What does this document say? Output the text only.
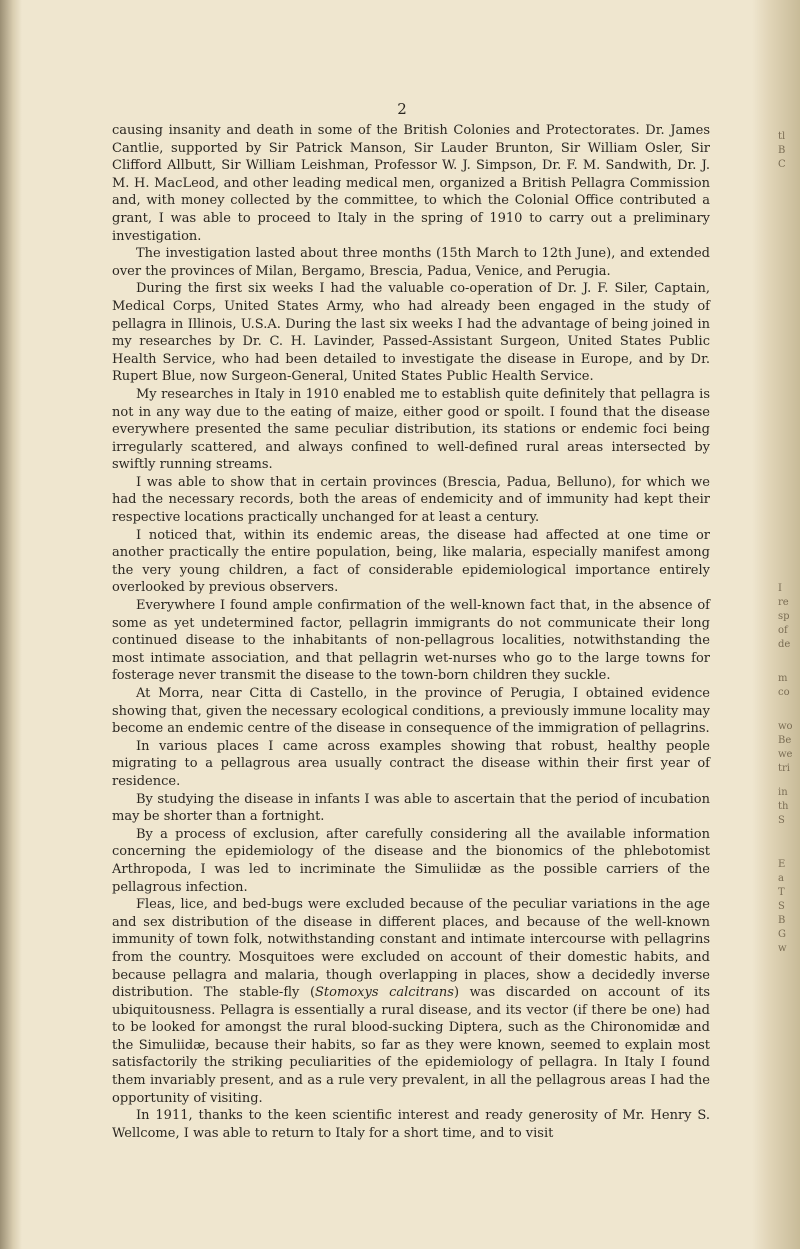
tl
B
C
I
re
sp
of
de
m
co
wo
Be
we
tri
in
th
S
E
a
T
S
B
G
w
2

causing insanity and death in some of the British Colonies and Protectorates. Dr. James Cantlie, supported by Sir Patrick Manson, Sir Lauder Brunton, Sir William Osler, Sir Clifford Allbutt, Sir William Leishman, Professor W. J. Simpson, Dr. F. M. Sandwith, Dr. J. M. H. MacLeod, and other leading medical men, organized a British Pellagra Commission and, with money collected by the committee, to which the Colonial Office contributed a grant, I was able to proceed to Italy in the spring of 1910 to carry out a preliminary investigation.

The investigation lasted about three months (15th March to 12th June), and extended over the provinces of Milan, Bergamo, Brescia, Padua, Venice, and Perugia.

During the first six weeks I had the valuable co-operation of Dr. J. F. Siler, Captain, Medical Corps, United States Army, who had already been engaged in the study of pellagra in Illinois, U.S.A. During the last six weeks I had the advantage of being joined in my researches by Dr. C. H. Lavinder, Passed-Assistant Surgeon, United States Public Health Service, who had been detailed to investigate the disease in Europe, and by Dr. Rupert Blue, now Surgeon-General, United States Public Health Service.

My researches in Italy in 1910 enabled me to establish quite definitely that pellagra is not in any way due to the eating of maize, either good or spoilt. I found that the disease everywhere presented the same peculiar distribution, its stations or endemic foci being irregularly scattered, and always confined to well-defined rural areas intersected by swiftly running streams.

I was able to show that in certain provinces (Brescia, Padua, Belluno), for which we had the necessary records, both the areas of endemicity and of immunity had kept their respective locations practically unchanged for at least a century.

I noticed that, within its endemic areas, the disease had affected at one time or another practically the entire population, being, like malaria, especially manifest among the very young children, a fact of considerable epidemiological importance entirely overlooked by previous observers.

Everywhere I found ample confirmation of the well-known fact that, in the absence of some as yet undetermined factor, pellagrin immigrants do not communicate their long continued disease to the inhabitants of non-pellagrous localities, notwithstanding the most intimate association, and that pellagrin wet-nurses who go to the large towns for fosterage never transmit the disease to the town-born children they suckle.

At Morra, near Citta di Castello, in the province of Perugia, I obtained evidence showing that, given the necessary ecological conditions, a previously immune locality may become an endemic centre of the disease in consequence of the immigration of pellagrins.

In various places I came across examples showing that robust, healthy people migrating to a pellagrous area usually contract the disease within their first year of residence.

By studying the disease in infants I was able to ascertain that the period of incubation may be shorter than a fortnight.

By a process of exclusion, after carefully considering all the available information concerning the epidemiology of the disease and the bionomics of the phlebotomist Arthropoda, I was led to incriminate the Simuliidæ as the possible carriers of the pellagrous infection.

Fleas, lice, and bed-bugs were excluded because of the peculiar variations in the age and sex distribution of the disease in different places, and because of the well-known immunity of town folk, notwithstanding constant and intimate intercourse with pellagrins from the country. Mosquitoes were excluded on account of their domestic habits, and because pellagra and malaria, though overlapping in places, show a decidedly inverse distribution. The stable-fly (Stomoxys calcitrans) was discarded on account of its ubiquitousness. Pellagra is essentially a rural disease, and its vector (if there be one) had to be looked for amongst the rural blood-sucking Diptera, such as the Chironomidæ and the Simuliidæ, because their habits, so far as they were known, seemed to explain most satisfactorily the striking peculiarities of the epidemiology of pellagra. In Italy I found them invariably present, and as a rule very prevalent, in all the pellagrous areas I had the opportunity of visiting.

In 1911, thanks to the keen scientific interest and ready generosity of Mr. Henry S. Wellcome, I was able to return to Italy for a short time, and to visit
